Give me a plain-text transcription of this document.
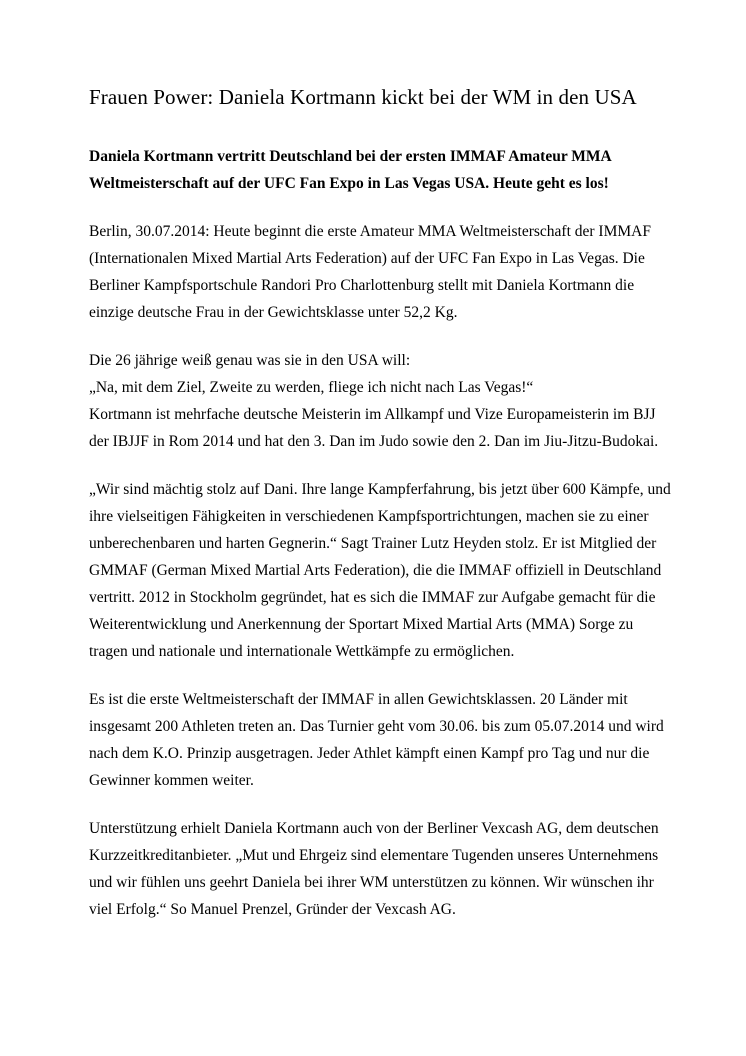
Frauen Power: Daniela Kortmann kickt bei der WM in den USA
Daniela Kortmann vertritt Deutschland bei der ersten IMMAF Amateur MMA
Weltmeisterschaft auf der UFC Fan Expo in Las Vegas USA. Heute geht es los!
Berlin, 30.07.2014: Heute beginnt die erste Amateur MMA Weltmeisterschaft der IMMAF
(Internationalen Mixed Martial Arts Federation) auf der UFC Fan Expo in Las Vegas. Die
Berliner Kampfsportschule Randori Pro Charlottenburg stellt mit Daniela Kortmann die
einzige deutsche Frau in der Gewichtsklasse unter 52,2 Kg.
Die 26 jährige weiß genau was sie in den USA will:
„Na, mit dem Ziel, Zweite zu werden, fliege ich nicht nach Las Vegas!“
Kortmann ist mehrfache deutsche Meisterin im Allkampf und Vize Europameisterin im BJJ
der IBJJF in Rom 2014 und hat den 3. Dan im Judo sowie den 2. Dan im Jiu-Jitzu-Budokai.
„Wir sind mächtig stolz auf Dani. Ihre lange Kampferfahrung, bis jetzt über 600 Kämpfe, und
ihre vielseitigen Fähigkeiten in verschiedenen Kampfsportrichtungen, machen sie zu einer
unberechenbaren und harten Gegnerin.“ Sagt Trainer Lutz Heyden stolz. Er ist Mitglied der
GMMAF (German Mixed Martial Arts Federation), die die IMMAF offiziell in Deutschland
vertritt. 2012 in Stockholm gegründet, hat es sich die IMMAF zur Aufgabe gemacht für die
Weiterentwicklung und Anerkennung der Sportart Mixed Martial Arts (MMA) Sorge zu
tragen und nationale und internationale Wettkämpfe zu ermöglichen.
Es ist die erste Weltmeisterschaft der IMMAF in allen Gewichtsklassen. 20 Länder mit
insgesamt 200 Athleten treten an. Das Turnier geht vom 30.06. bis zum 05.07.2014 und wird
nach dem K.O. Prinzip ausgetragen. Jeder Athlet kämpft einen Kampf pro Tag und nur die
Gewinner kommen weiter.
Unterstützung erhielt Daniela Kortmann auch von der Berliner Vexcash AG, dem deutschen
Kurzzeitkreditanbieter. „Mut und Ehrgeiz sind elementare Tugenden unseres Unternehmens
und wir fühlen uns geehrt Daniela bei ihrer WM unterstützen zu können. Wir wünschen ihr
viel Erfolg.“ So Manuel Prenzel, Gründer der Vexcash AG.
